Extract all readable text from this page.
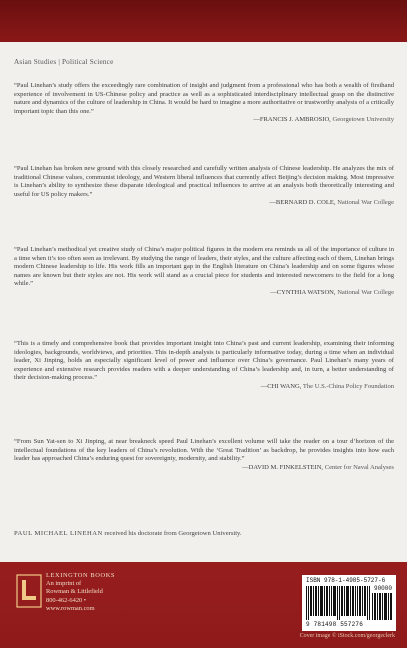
Asian Studies | Political Science

“Paul Linehan’s study offers the exceedingly rare combination of insight and judgment from a professional who has both a wealth of firsthand experience of involvement in US-Chinese policy and practice as well as a sophisticated interdisciplinary intellectual grasp on the distinctive nature and dynamics of the culture of leadership in China. It would be hard to imagine a more authoritative or trustworthy analysis of a critically important topic than this one.”

—FRANCIS J. AMBROSIO, Georgetown University

“Paul Linehan has broken new ground with this closely researched and carefully written analysis of Chinese leadership. He analyzes the mix of traditional Chinese values, communist ideology, and Western liberal influences that currently affect Beijing’s decision making. Most impressive is Linehan’s ability to synthesize these disparate ideological and practical influences to arrive at an analysis both theoretically interesting and useful for US policy makers.”

—BERNARD D. COLE, National War College

“Paul Linehan’s methodical yet creative study of China’s major political figures in the modern era reminds us all of the importance of culture in a time when it’s too often seen as irrelevant. By studying the range of leaders, their styles, and the culture affecting each of them, Linehan brings modern Chinese leadership to life. His work fills an important gap in the English literature on China’s leadership and on some figures whose names are known but their styles are not. His work will stand as a crucial piece for students and interested newcomers to the field for a long while.”

—CYNTHIA WATSON, National War College

“This is a timely and comprehensive book that provides important insight into China’s past and current leadership, examining their informing ideologies, backgrounds, worldviews, and priorities. This in-depth analysis is particularly informative today, during a time when an individual leader, Xi Jinping, holds an especially significant level of power and influence over China’s governance. Paul Linehan’s many years of experience and extensive research provides readers with a deeper understanding of China’s leadership and, in turn, a better understanding of their decision-making process.”

—CHI WANG, The U.S.-China Policy Foundation

“From Sun Yat-sen to Xi Jinping, at near breakneck speed Paul Linehan’s excellent volume will take the reader on a tour d’horizon of the intellectual foundations of the key leaders of China’s revolution. With the ‘Great Tradition’ as backdrop, he provides insights into how each leader has approached China’s enduring quest for sovereignty, modernity, and stability.”

—DAVID M. FINKELSTEIN, Center for Naval Analyses

PAUL MICHAEL LINEHAN received his doctorate from Georgetown University.
LEXINGTON BOOKS
An imprint of
Rowman & Littlefield
800-462-6420 • www.rowman.com
ISBN 978-1-4985-5727-6
90000
9 781498 557276
Cover image © iStock.com/georgeclerk
